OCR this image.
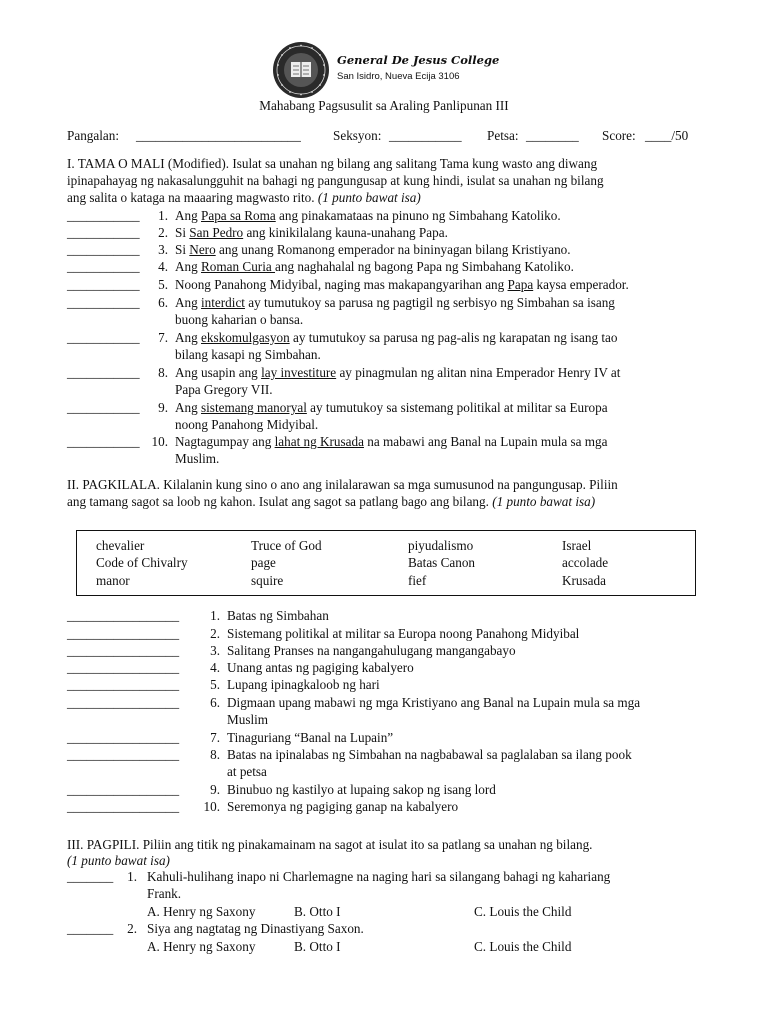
General De Jesus College
San Isidro, Nueva Ecija 3106
Mahabang Pagsusulit sa Araling Panlipunan III
Pangalan: _________________________ Seksyon: ___________ Petsa: ________ Score: ____/50
I. TAMA O MALI (Modified). Isulat sa unahan ng bilang ang salitang Tama kung wasto ang diwang
ipinapahayag ng nakasalungguhit na bahagi ng pangungusap at kung hindi, isulat sa unahan ng bilang
ang salita o kataga na maaaring magwasto rito. (1 punto bawat isa)
___________	1. Ang Papa sa Roma ang pinakamataas na pinuno ng Simbahang Katoliko.
___________	2. Si San Pedro ang kinikilalang kauna-unahang Papa.
___________	3. Si Nero ang unang Romanong emperador na bininyagan bilang Kristiyano.
___________	4. Ang Roman Curia ang naghahalal ng bagong Papa ng Simbahang Katoliko.
___________	5. Noong Panahong Midyibal, naging mas makapangyarihan ang Papa kaysa emperador.
___________	6. Ang interdict ay tumutukoy sa parusa ng pagtigil ng serbisyo ng Simbahan sa isang
buong kaharian o bansa.
___________	7. Ang ekskomulgasyon ay tumutukoy sa parusa ng pag-alis ng karapatan ng isang tao
bilang kasapi ng Simbahan.
___________	8. Ang usapin ang lay investiture ay pinagmulan ng alitan nina Emperador Henry IV at
Papa Gregory VII.
___________	9. Ang sistemang manoryal ay tumutukoy sa sistemang politikal at militar sa Europa
noong Panahong Midyibal.
___________ 10. Nagtagumpay ang lahat ng Krusada na mabawi ang Banal na Lupain mula sa mga
Muslim.
II. PAGKILALA. Kilalanin kung sino o ano ang inilalarawan sa mga sumusunod na pangungusap. Piliin
ang tamang sagot sa loob ng kahon. Isulat ang sagot sa patlang bago ang bilang. (1 punto bawat isa)
chevalier	Truce of God	piyudalismo	Israel
Code of Chivalry	page	Batas Canon	accolade
manor	squire	fief	Krusada
_________________	1. Batas ng Simbahan
_________________	2. Sistemang politikal at militar sa Europa noong Panahong Midyibal
_________________	3. Salitang Pranses na nangangahulugang mangangabayo
_________________	4. Unang antas ng pagiging kabalyero
_________________	5. Lupang ipinagkaloob ng hari
_________________	6. Digmaan upang mabawi ng mga Kristiyano ang Banal na Lupain mula sa mga
Muslim
_________________	7. Tinaguriang “Banal na Lupain”
_________________	8. Batas na ipinalabas ng Simbahan na nagbabawal sa paglalaban sa ilang pook
at petsa
_________________	9. Binubuo ng kastilyo at lupaing sakop ng isang lord
_________________	10. Seremonya ng pagiging ganap na kabalyero
III. PAGPILI. Piliin ang titik ng pinakamainam na sagot at isulat ito sa patlang sa unahan ng bilang.
(1 punto bawat isa)
_______	1. Kahuli-hulihang inapo ni Charlemagne na naging hari sa silangang bahagi ng kahariang
Frank.
A. Henry ng Saxony	B. Otto I	C. Louis the Child
_______	2. Siya ang nagtatag ng Dinastiyang Saxon.
A. Henry ng Saxony	B. Otto I	C. Louis the Child
